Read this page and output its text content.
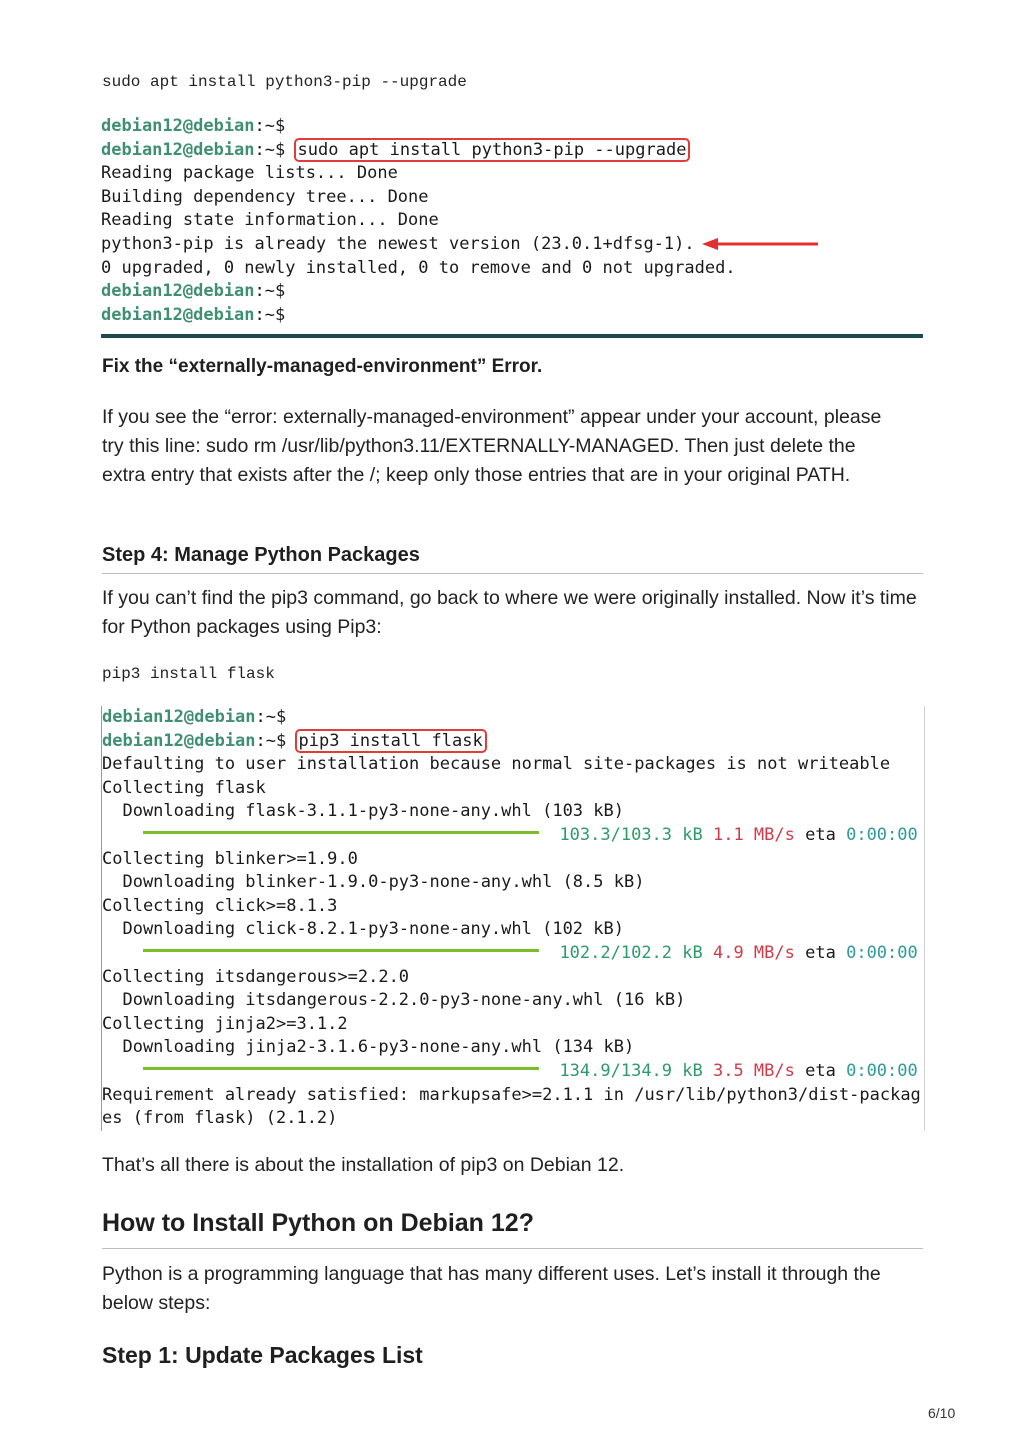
sudo apt install python3-pip --upgrade
debian12@debian:~$
debian12@debian:~$ sudo apt install python3-pip --upgrade
Reading package lists... Done
Building dependency tree... Done
Reading state information... Done
python3-pip is already the newest version (23.0.1+dfsg-1).
0 upgraded, 0 newly installed, 0 to remove and 0 not upgraded.
debian12@debian:~$
debian12@debian:~$
Fix the “externally-managed-environment” Error.
If you see the “error: externally-managed-environment” appear under your account, please try this line: sudo rm /usr/lib/python3.11/EXTERNALLY-MANAGED. Then just delete the extra entry that exists after the /; keep only those entries that are in your original PATH.
Step 4: Manage Python Packages
If you can’t find the pip3 command, go back to where we were originally installed. Now it’s time for Python packages using Pip3:
pip3 install flask
debian12@debian:~$
debian12@debian:~$ pip3 install flask
Defaulting to user installation because normal site-packages is not writeable
Collecting flask
Downloading flask-3.1.1-py3-none-any.whl (103 kB)
103.3/103.3 kB 1.1 MB/s eta 0:00:00
Collecting blinker>=1.9.0
Downloading blinker-1.9.0-py3-none-any.whl (8.5 kB)
Collecting click>=8.1.3
Downloading click-8.2.1-py3-none-any.whl (102 kB)
102.2/102.2 kB 4.9 MB/s eta 0:00:00
Collecting itsdangerous>=2.2.0
Downloading itsdangerous-2.2.0-py3-none-any.whl (16 kB)
Collecting jinja2>=3.1.2
Downloading jinja2-3.1.6-py3-none-any.whl (134 kB)
134.9/134.9 kB 3.5 MB/s eta 0:00:00
Requirement already satisfied: markupsafe>=2.1.1 in /usr/lib/python3/dist-packag
es (from flask) (2.1.2)
That’s all there is about the installation of pip3 on Debian 12.
How to Install Python on Debian 12?
Python is a programming language that has many different uses. Let’s install it through the below steps:
Step 1: Update Packages List
6/10
